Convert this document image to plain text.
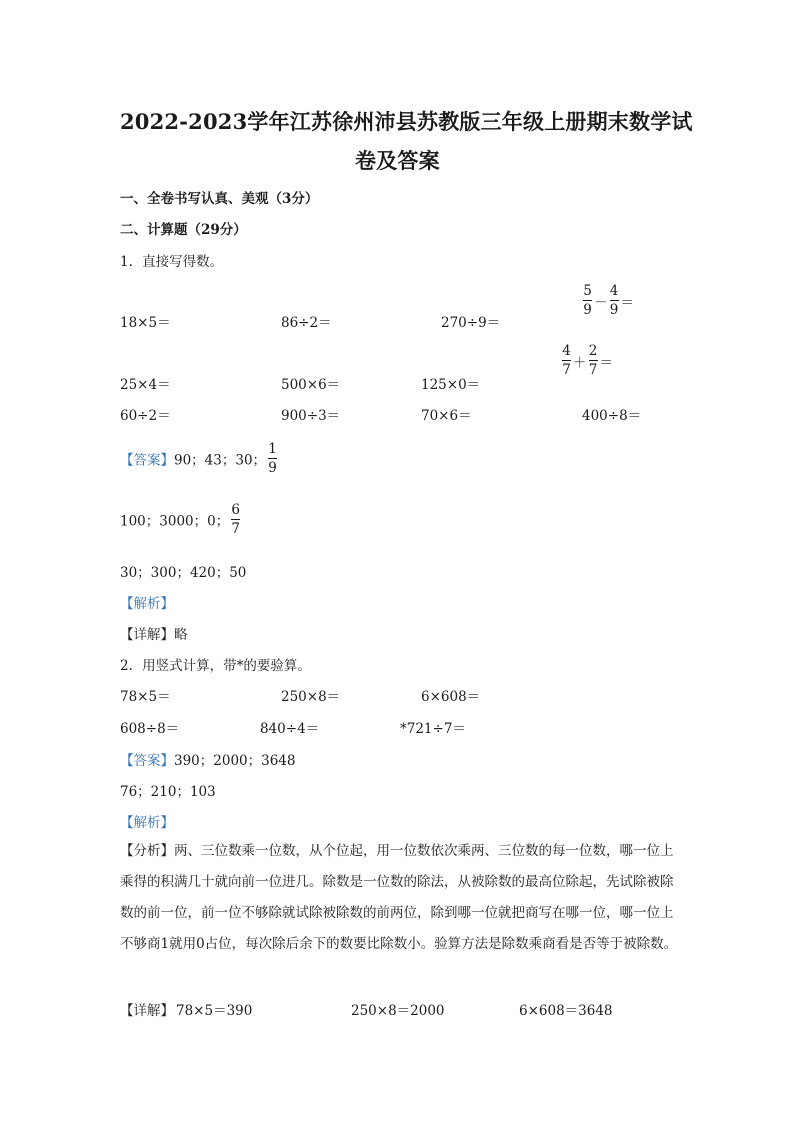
2022-2023学年江苏徐州沛县苏教版三年级上册期末数学试
卷及答案
一、全卷书写认真、美观（3分）
二、计算题（29分）
1．直接写得数。
18×5＝	86÷2＝	270÷9＝
$\frac{5}{9} - \frac{4}{9}$ ＝
$\frac{4}{7} + \frac{2}{7}$ ＝
25×4＝	500×6＝	125×0＝
60÷2＝	900÷3＝	70×6＝	400÷8＝
【答案】90；43；30； $\frac{1}{9}$
100；3000；0； $\frac{6}{7}$
30；300；420；50
【解析】
【详解】略
2．用竖式计算，带*的要验算。
78×5＝	250×8＝	6×608＝
608÷8＝	840÷4＝	*721÷7＝
【答案】390；2000；3648
76；210；103
【解析】
【分析】两、三位数乘一位数，从个位起，用一位数依次乘两、三位数的每一位数，哪一位上乘得的积满几十就向前一位进几。除数是一位数的除法，从被除数的最高位除起，先试除被除数的前一位，前一位不够除就试除被除数的前两位，除到哪一位就把商写在哪一位，哪一位上不够商1就用0占位，每次除后余下的数要比除数小。验算方法是除数乘商看是否等于被除数。
【详解】 78×5＝390	250×8＝2000	6×608＝3648
